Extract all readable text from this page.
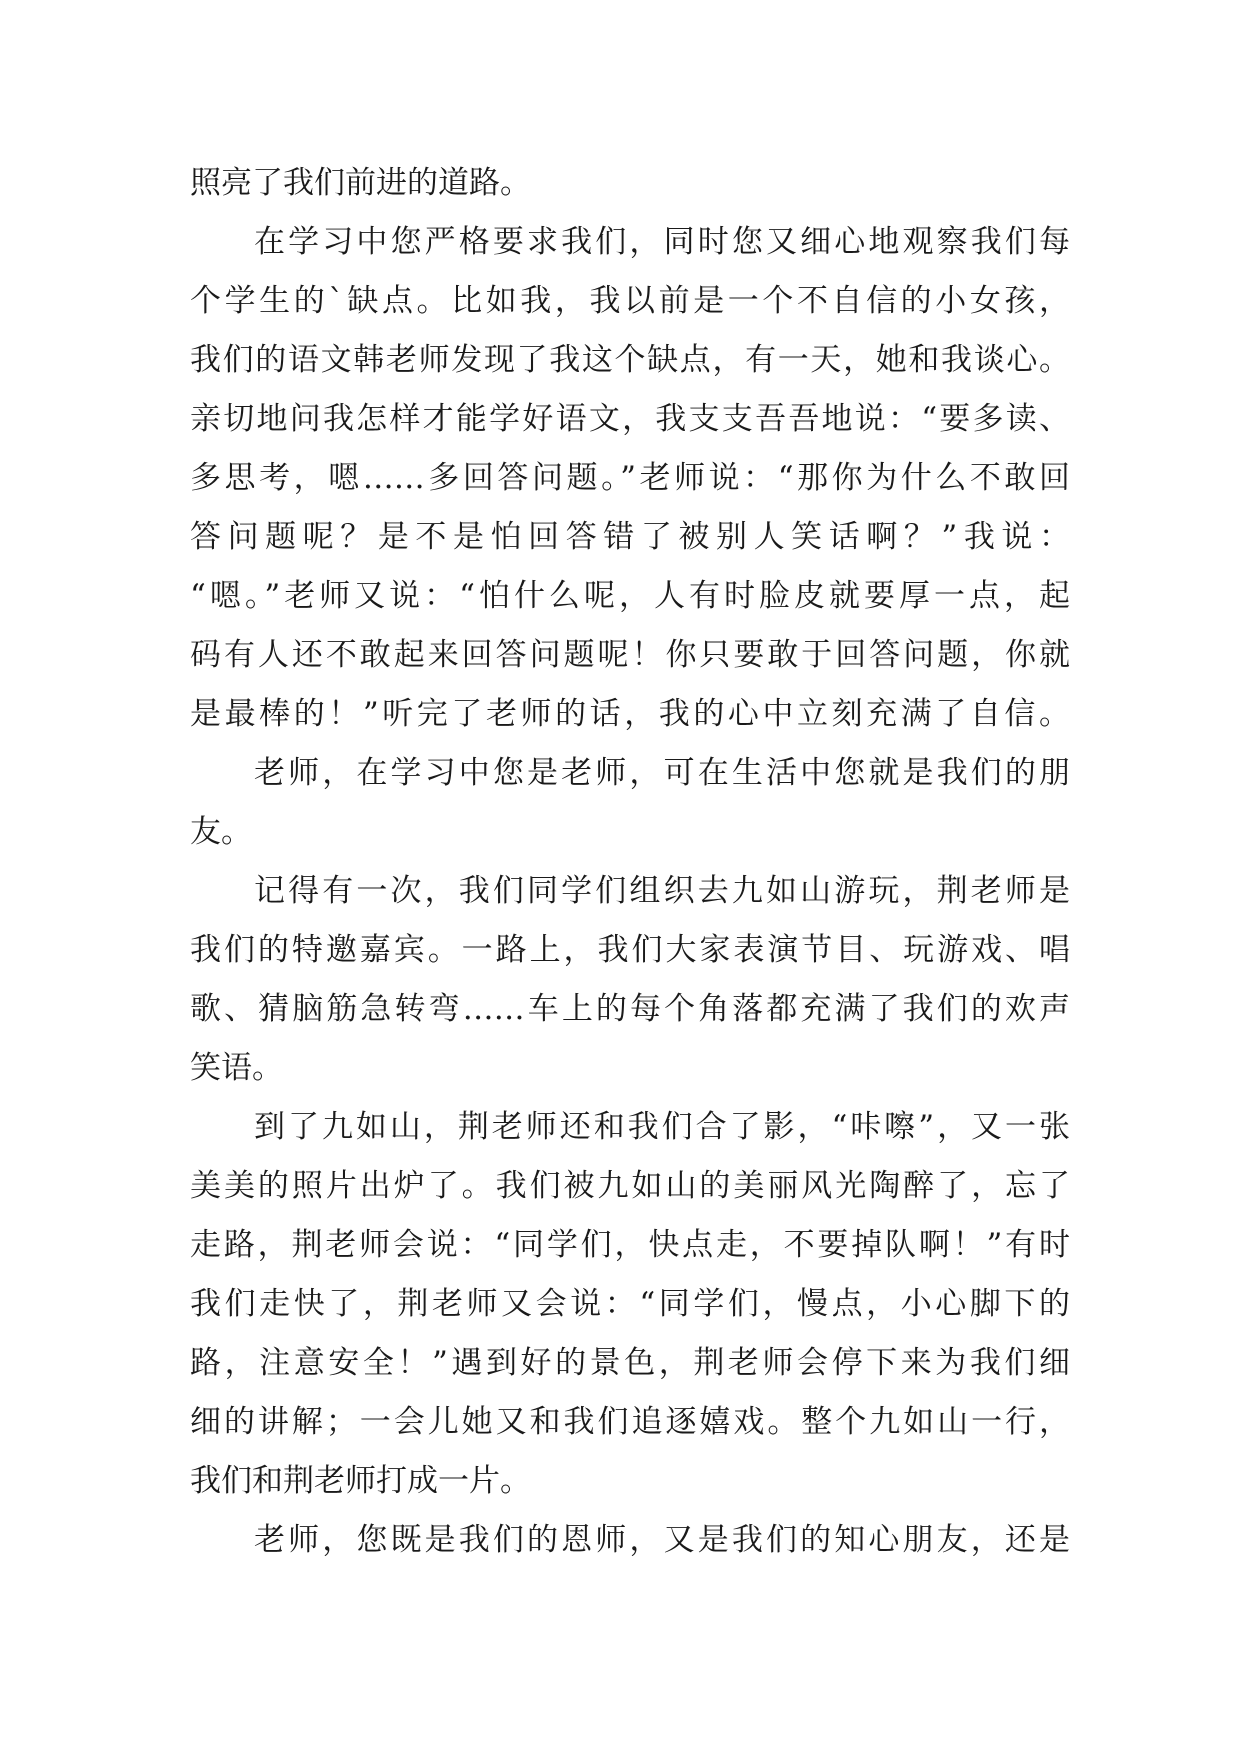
照亮了我们前进的道路。
在学习中您严格要求我们，同时您又细心地观察我们每
个学生的`缺点。比如我，我以前是一个不自信的小女孩，
我们的语文韩老师发现了我这个缺点，有一天，她和我谈心。
亲切地问我怎样才能学好语文，我支支吾吾地说：“要多读、
多思考，嗯……多回答问题。”老师说：“那你为什么不敢回
答问题呢？是不是怕回答错了被别人笑话啊？”我说：
“嗯。”老师又说：“怕什么呢，人有时脸皮就要厚一点，起
码有人还不敢起来回答问题呢！你只要敢于回答问题，你就
是最棒的！”听完了老师的话，我的心中立刻充满了自信。
老师，在学习中您是老师，可在生活中您就是我们的朋
友。
记得有一次，我们同学们组织去九如山游玩，荆老师是
我们的特邀嘉宾。一路上，我们大家表演节目、玩游戏、唱
歌、猜脑筋急转弯……车上的每个角落都充满了我们的欢声
笑语。
到了九如山，荆老师还和我们合了影，“咔嚓”，又一张
美美的照片出炉了。我们被九如山的美丽风光陶醉了，忘了
走路，荆老师会说：“同学们，快点走，不要掉队啊！”有时
我们走快了，荆老师又会说：“同学们，慢点，小心脚下的
路，注意安全！”遇到好的景色，荆老师会停下来为我们细
细的讲解；一会儿她又和我们追逐嬉戏。整个九如山一行，
我们和荆老师打成一片。
老师，您既是我们的恩师，又是我们的知心朋友，还是
